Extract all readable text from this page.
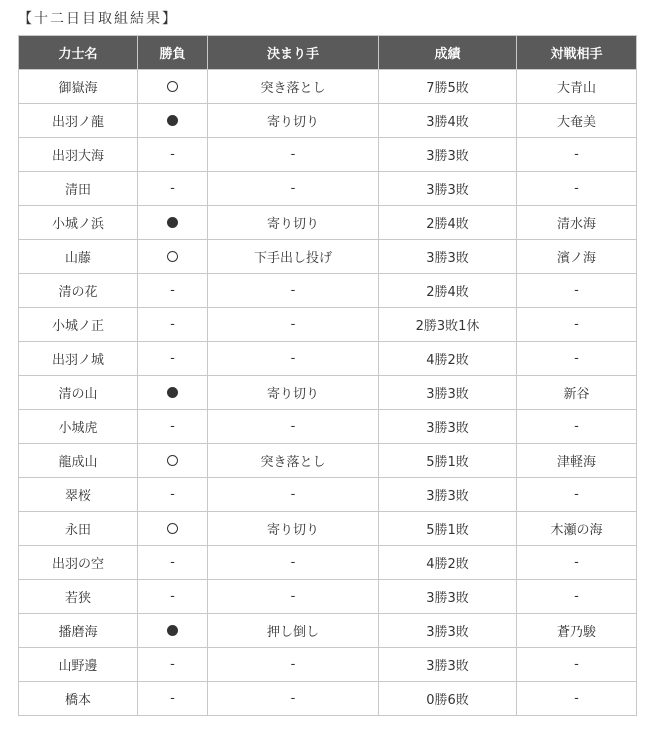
【十二日目取組結果】
力士名	勝負	決まり手	成績	対戦相手
御嶽海		突き落とし	7勝5敗	大青山
出羽ノ龍		寄り切り	3勝4敗	大奄美
出羽大海	-	-	3勝3敗	-
清田	-	-	3勝3敗	-
小城ノ浜		寄り切り	2勝4敗	清水海
山藤		下手出し投げ	3勝3敗	濱ノ海
清の花	-	-	2勝4敗	-
小城ノ正	-	-	2勝3敗1休	-
出羽ノ城	-	-	4勝2敗	-
清の山		寄り切り	3勝3敗	新谷
小城虎	-	-	3勝3敗	-
龍成山		突き落とし	5勝1敗	津軽海
翠桜	-	-	3勝3敗	-
永田		寄り切り	5勝1敗	木瀬の海
出羽の空	-	-	4勝2敗	-
若狭	-	-	3勝3敗	-
播磨海		押し倒し	3勝3敗	蒼乃駿
山野邊	-	-	3勝3敗	-
橋本	-	-	0勝6敗	-
